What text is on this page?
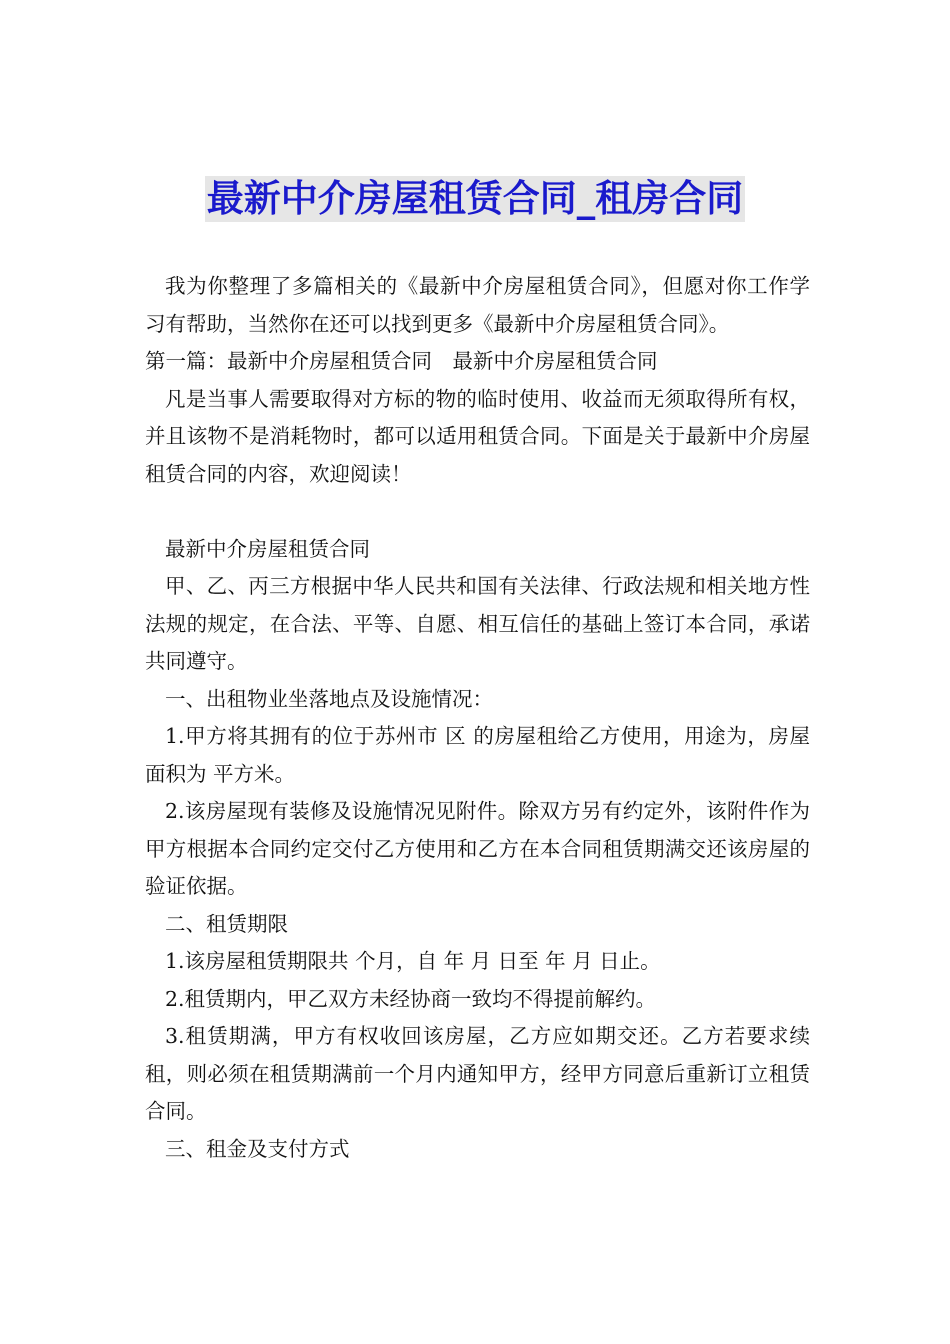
最新中介房屋租赁合同_租房合同

我为你整理了多篇相关的《最新中介房屋租赁合同》，但愿对你工作学习有帮助，当然你在还可以找到更多《最新中介房屋租赁合同》。

第一篇：最新中介房屋租赁合同　最新中介房屋租赁合同

凡是当事人需要取得对方标的物的临时使用、收益而无须取得所有权，并且该物不是消耗物时，都可以适用租赁合同。下面是关于最新中介房屋租赁合同的内容，欢迎阅读！

最新中介房屋租赁合同

甲、乙、丙三方根据中华人民共和国有关法律、行政法规和相关地方性法规的规定，在合法、平等、自愿、相互信任的基础上签订本合同，承诺共同遵守。

一、出租物业坐落地点及设施情况：

1.甲方将其拥有的位于苏州市 区 的房屋租给乙方使用，用途为，房屋面积为 平方米。

2.该房屋现有装修及设施情况见附件。除双方另有约定外，该附件作为甲方根据本合同约定交付乙方使用和乙方在本合同租赁期满交还该房屋的验证依据。

二、租赁期限

1.该房屋租赁期限共 个月，自 年 月 日至 年 月 日止。

2.租赁期内，甲乙双方未经协商一致均不得提前解约。

3.租赁期满，甲方有权收回该房屋，乙方应如期交还。乙方若要求续租，则必须在租赁期满前一个月内通知甲方，经甲方同意后重新订立租赁合同。

三、租金及支付方式
